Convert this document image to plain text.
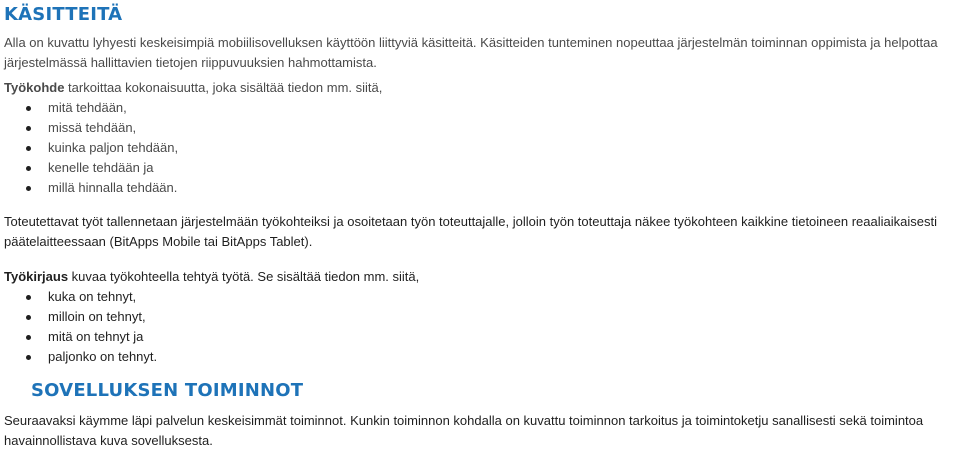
KÄSITTEITÄ

Alla on kuvattu lyhyesti keskeisimpiä mobiilisovelluksen käyttöön liittyviä käsitteitä. Käsitteiden tunteminen nopeuttaa järjestelmän toiminnan oppimista ja helpottaa järjestelmässä hallittavien tietojen riippuvuuksien hahmottamista.

Työkohde tarkoittaa kokonaisuutta, joka sisältää tiedon mm. siitä,

mitä tehdään,
missä tehdään,
kuinka paljon tehdään,
kenelle tehdään ja
millä hinnalla tehdään.

Toteutettavat työt tallennetaan järjestelmään työkohteiksi ja osoitetaan työn toteuttajalle, jolloin työn toteuttaja näkee työkohteen kaikkine tietoineen reaaliaikaisesti päätelaitteessaan (BitApps Mobile tai BitApps Tablet).

Työkirjaus kuvaa työkohteella tehtyä työtä. Se sisältää tiedon mm. siitä,

kuka on tehnyt,
milloin on tehnyt,
mitä on tehnyt ja
paljonko on tehnyt.
SOVELLUKSEN TOIMINNOT

Seuraavaksi käymme läpi palvelun keskeisimmät toiminnot. Kunkin toiminnon kohdalla on kuvattu toiminnon tarkoitus ja toimintoketju sanallisesti sekä toimintoa havainnollistava kuva sovelluksesta.
